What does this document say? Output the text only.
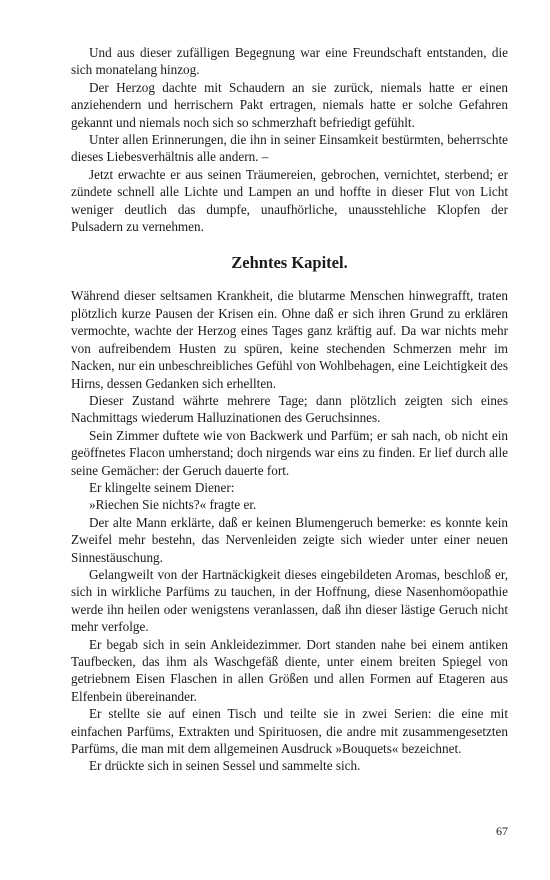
Und aus dieser zufälligen Begegnung war eine Freundschaft entstanden, die sich monatelang hinzog.

Der Herzog dachte mit Schaudern an sie zurück, niemals hatte er einen anziehendern und herrischern Pakt ertragen, niemals hatte er solche Gefahren gekannt und niemals noch sich so schmerzhaft befriedigt gefühlt.

Unter allen Erinnerungen, die ihn in seiner Einsamkeit bestürmten, beherrschte dieses Liebesverhältnis alle andern. –

Jetzt erwachte er aus seinen Träumereien, gebrochen, vernichtet, sterbend; er zündete schnell alle Lichte und Lampen an und hoffte in dieser Flut von Licht weniger deutlich das dumpfe, unaufhörliche, unausstehliche Klopfen der Pulsadern zu vernehmen.

Zehntes Kapitel.

Während dieser seltsamen Krankheit, die blutarme Menschen hinwegrafft, traten plötzlich kurze Pausen der Krisen ein. Ohne daß er sich ihren Grund zu erklären vermochte, wachte der Herzog eines Tages ganz kräftig auf. Da war nichts mehr von aufreibendem Husten zu spüren, keine stechenden Schmerzen mehr im Nacken, nur ein unbeschreibliches Gefühl von Wohlbehagen, eine Leichtigkeit des Hirns, dessen Gedanken sich erhellten.

Dieser Zustand währte mehrere Tage; dann plötzlich zeigten sich eines Nachmittags wiederum Halluzinationen des Geruchsinnes.

Sein Zimmer duftete wie von Backwerk und Parfüm; er sah nach, ob nicht ein geöffnetes Flacon umherstand; doch nirgends war eins zu finden. Er lief durch alle seine Gemächer: der Geruch dauerte fort.

Er klingelte seinem Diener:

»Riechen Sie nichts?« fragte er.

Der alte Mann erklärte, daß er keinen Blumengeruch bemerke: es konnte kein Zweifel mehr bestehn, das Nervenleiden zeigte sich wieder unter einer neuen Sinnestäuschung.

Gelangweilt von der Hartnäckigkeit dieses eingebildeten Aromas, beschloß er, sich in wirkliche Parfüms zu tauchen, in der Hoffnung, diese Nasenhomöopathie werde ihn heilen oder wenigstens veranlassen, daß ihn dieser lästige Geruch nicht mehr verfolge.

Er begab sich in sein Ankleidezimmer. Dort standen nahe bei einem antiken Taufbecken, das ihm als Waschgefäß diente, unter einem breiten Spiegel von getriebnem Eisen Flaschen in allen Größen und allen Formen auf Etageren aus Elfenbein übereinander.

Er stellte sie auf einen Tisch und teilte sie in zwei Serien: die eine mit einfachen Parfüms, Extrakten und Spirituosen, die andre mit zusammengesetzten Parfüms, die man mit dem allgemeinen Ausdruck »Bouquets« bezeichnet.

Er drückte sich in seinen Sessel und sammelte sich.

67
